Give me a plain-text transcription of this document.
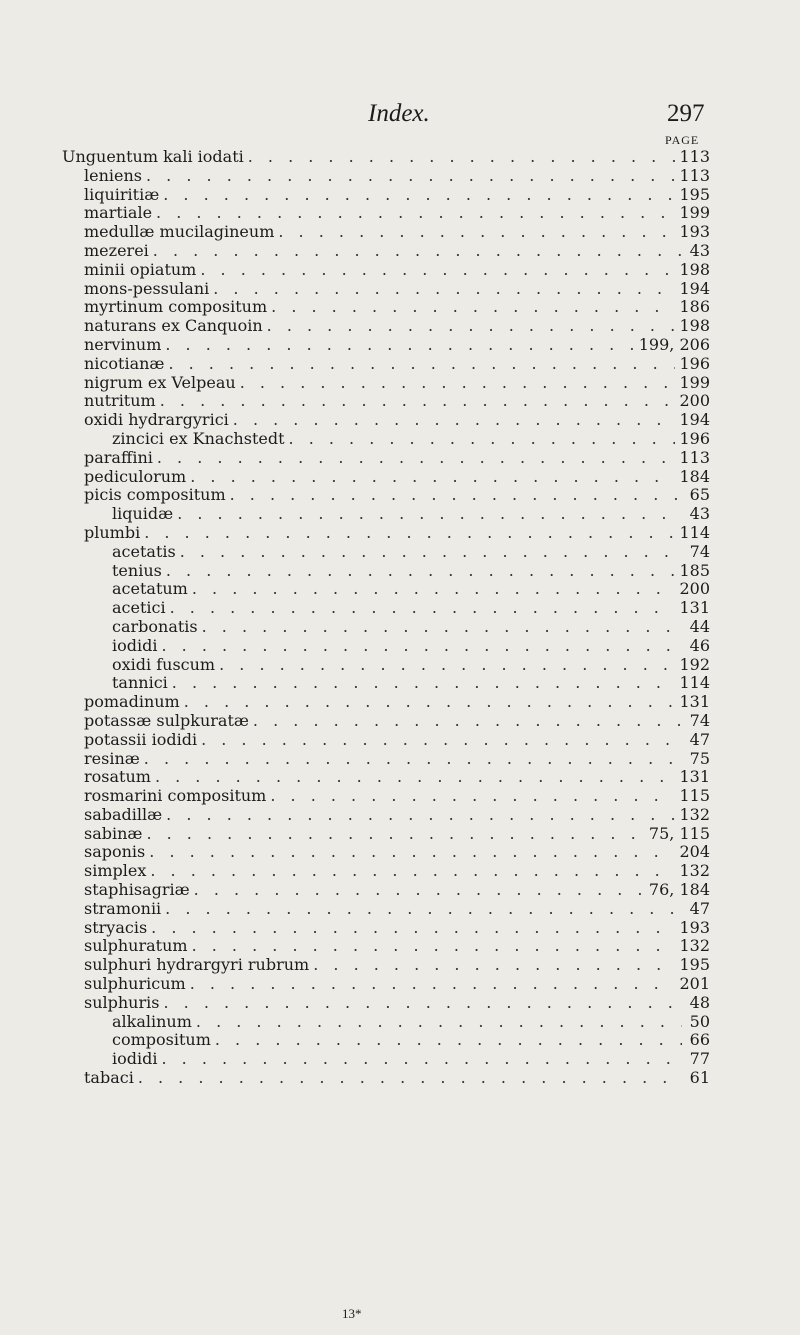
Index.	297
PAGE
Unguentum kali iodati . . .	113
leniens . . .	113
liquiritiæ . . .	195
martiale . . .	199
medullæ mucilagineum . . .	193
mezerei . . .	43
minii opiatum . . .	198
mons-pessulani . . .	194
myrtinum compositum . . .	186
naturans ex Canquoin . . .	198
nervinum . . .	199, 206
nicotianæ . . .	196
nigrum ex Velpeau . . .	199
nutritum . . .	200
oxidi hydrargyrici . . .	194
zincici ex Knachstedt . . .	196
paraffini . . .	113
pediculorum . . .	184
picis compositum . . .	65
liquidæ . . .	43
plumbi . . .	114
acetatis . . .	74
tenius . . .	185
acetatum . . .	200
acetici . . .	131
carbonatis . . .	44
iodidi . . .	46
oxidi fuscum . . .	192
tannici . . .	114
pomadinum . . .	131
potassæ sulpkuratæ . . .	74
potassii iodidi . . .	47
resinæ . . .	75
rosatum . . .	131
rosmarini compositum . . .	115
sabadillæ . . .	132
sabinæ . . .	75, 115
saponis . . .	204
simplex . . .	132
staphisagriæ . . .	76, 184
stramonii . . .	47
stryacis . . .	193
sulphuratum . . .	132
sulphuri hydrargyri rubrum . . .	195
sulphuricum . . .	201
sulphuris . . .	48
alkalinum . . .	50
compositum . . .	66
iodidi . . .	77
tabaci . . .	61
13*
